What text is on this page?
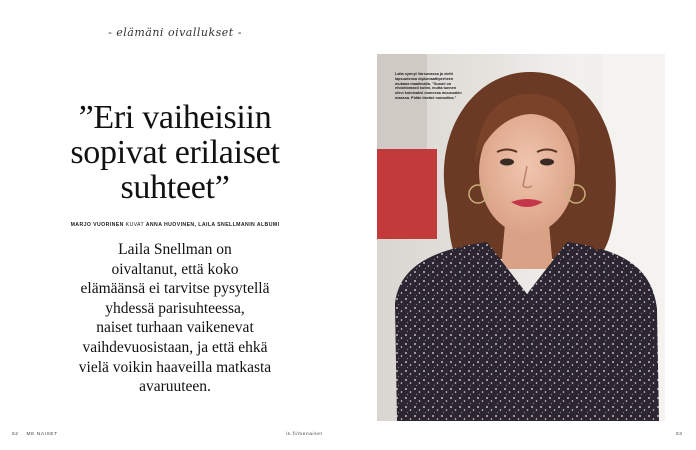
- elämäni oivallukset -
”Eri vaiheisiin
sopivat erilaiset
suhteet”
MARJO VUORINEN KUVAT ANNA HUOVINEN, LAILA SNELLMANIN ALBUMI
Laila Snellman on
oivaltanut, että koko
elämäänsä ei tarvitse pysytellä
yhdessä parisuhteessa,
naiset turhaan vaikenevat
vaihdevuosistaan, ja että ehkä
vielä voikin haaveilla matkasta
avaruuteen.
Laila synnyi Varsovassa ja vietti lapsuutensa diplomaattiperheen mukana maailmalla. ”Suomi on ehdottomasti kotini, mutta tunnen olevi kotoisaksi monessa muussakin maassa. Pidän itseäni nomadina.”
62 ME NAISET	is.fi/menaiset	63
